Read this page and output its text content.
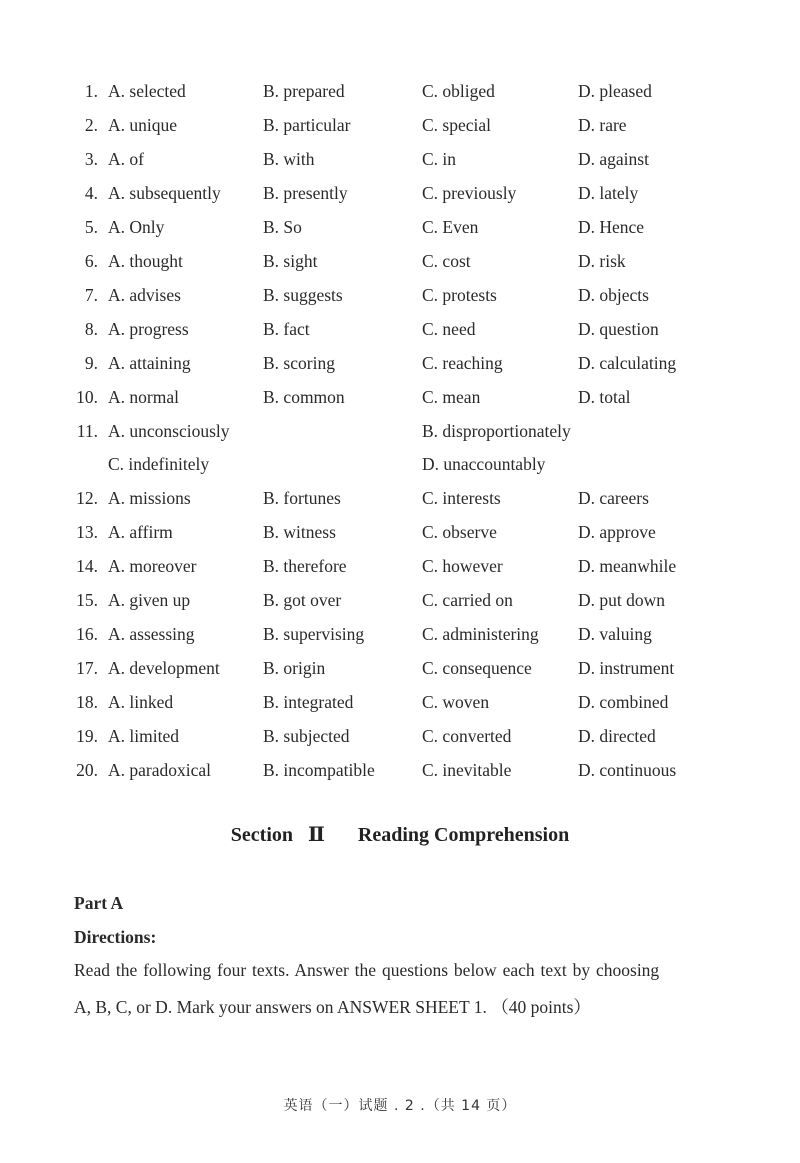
1. A. selected	B. prepared	C. obliged	D. pleased
2. A. unique	B. particular	C. special	D. rare
3. A. of	B. with	C. in	D. against
4. A. subsequently B. presently	C. previously	D. lately
5. A. Only	B. So	C. Even	D. Hence
6. A. thought	B. sight	C. cost	D. risk
7. A. advises	B. suggests	C. protests	D. objects
8. A. progress	B. fact	C. need	D. question
9. A. attaining	B. scoring	C. reaching	D. calculating
10. A. normal	B. common	C. mean	D. total
11. A. unconsciously	B. disproportionately
C. indefinitely	D. unaccountably
12. A. missions	B. fortunes	C. interests	D. careers
13. A. affirm	B. witness	C. observe	D. approve
14. A. moreover	B. therefore	C. however	D. meanwhile
15. A. given up	B. got over	C. carried on	D. put down
16. A. assessing	B. supervising	C. administering D. valuing
17. A. development B. origin	C. consequence	D. instrument
18. A. linked	B. integrated	C. woven	D. combined
19. A. limited	B. subjected	C. converted	D. directed
20. A. paradoxical	B. incompatible	C. inevitable	D. continuous
Section Ⅱ Reading Comprehension
Part A
Directions:
Read the following four texts. Answer the questions below each text by choosing
A, B, C, or D. Mark your answers on ANSWER SHEET 1. （40 points）
英语（一）试题 . 2 .（共 14 页）
